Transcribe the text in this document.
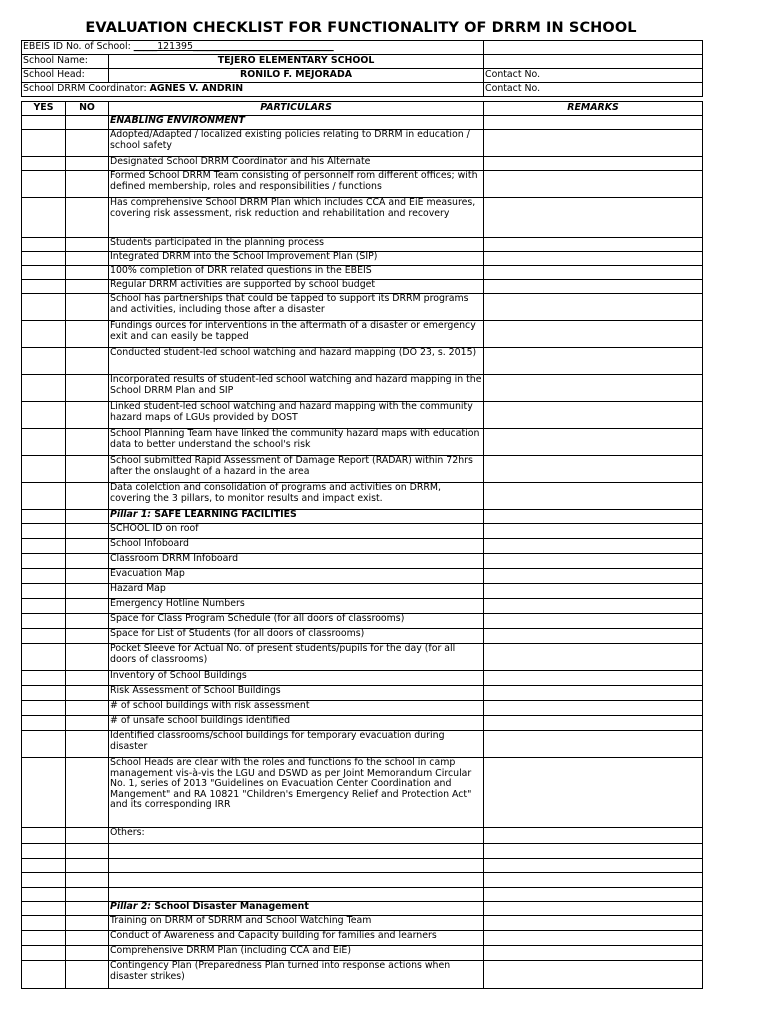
EVALUATION CHECKLIST FOR FUNCTIONALITY OF DRRM IN SCHOOL
EBEIS ID No. of School: _____121395______________________________			
School Name:		TEJERO ELEMENTARY SCHOOL	
School Head:		RONILO F. MEJORADA	Contact No.
School DRRM Coordinator: AGNES V. ANDRIN			Contact No.

YES	NO	PARTICULARS	REMARKS
		ENABLING ENVIRONMENT	
		Adopted/Adapted / localized existing policies relating to DRRM in education / school safety	
		Designated School DRRM Coordinator and his Alternate	
		Formed School DRRM Team consisting of personnelf rom different offices; with defined membership, roles and responsibilities / functions	
		Has comprehensive School DRRM Plan which includes CCA and EiE measures, covering risk assessment, risk reduction and rehabilitation and recovery	
		Students participated in the planning process	
		Integrated DRRM into the School Improvement Plan (SIP)	
		100% completion of DRR related questions in the EBEIS	
		Regular DRRM activities are supported by school budget	
		School has partnerships that could be tapped to support its DRRM programs and activities, including those after a disaster	
		Fundings ources for interventions in the aftermath of a disaster or emergency exit and can easily be tapped	
		Conducted student-led school watching and hazard mapping (DO 23, s. 2015)	
		Incorporated results of student-led school watching and hazard mapping in the School DRRM Plan and SIP	
		Linked student-led school watching and hazard mapping with the community hazard maps of LGUs provided by DOST	
		School Planning Team have linked the community hazard maps with education data to better understand the school's risk	
		School submitted Rapid Assessment of Damage Report (RADAR) within 72hrs after the onslaught of a hazard in the area	
		Data colelction and consolidation of programs and activities on DRRM, covering the 3 pillars, to monitor results and impact exist.	
		Pillar 1: SAFE LEARNING FACILITIES	
		SCHOOL ID on roof	
		School Infoboard	
		Classroom DRRM Infoboard	
		Evacuation Map	
		Hazard Map	
		Emergency Hotline Numbers	
		Space for Class Program Schedule (for all doors of classrooms)	
		Space for List of Students (for all doors of classrooms)	
		Pocket Sleeve for Actual No. of present students/pupils for the day (for all doors of classrooms)	
		Inventory of School Buildings	
		Risk Assessment of School Buildings	
		# of school buildings with risk assessment	
		# of unsafe school buildings identified	
		Identified classrooms/school buildings for temporary evacuation during disaster	
		School Heads are clear with the roles and functions fo the school in camp management vis-à-vis the LGU and DSWD as per Joint Memorandum Circular No. 1, series of 2013 "Guidelines on Evacuation Center Coordination and Mangement" and RA 10821 "Children's Emergency Relief and Protection Act" and its corresponding IRR	
		Others:	

		Pillar 2: School Disaster Management	
		Training on DRRM of SDRRM and School Watching Team	
		Conduct of Awareness and Capacity building for families and learners	
		Comprehensive DRRM Plan (including CCA and EiE)	
		Contingency Plan (Preparedness Plan turned into response actions when disaster strikes)	
